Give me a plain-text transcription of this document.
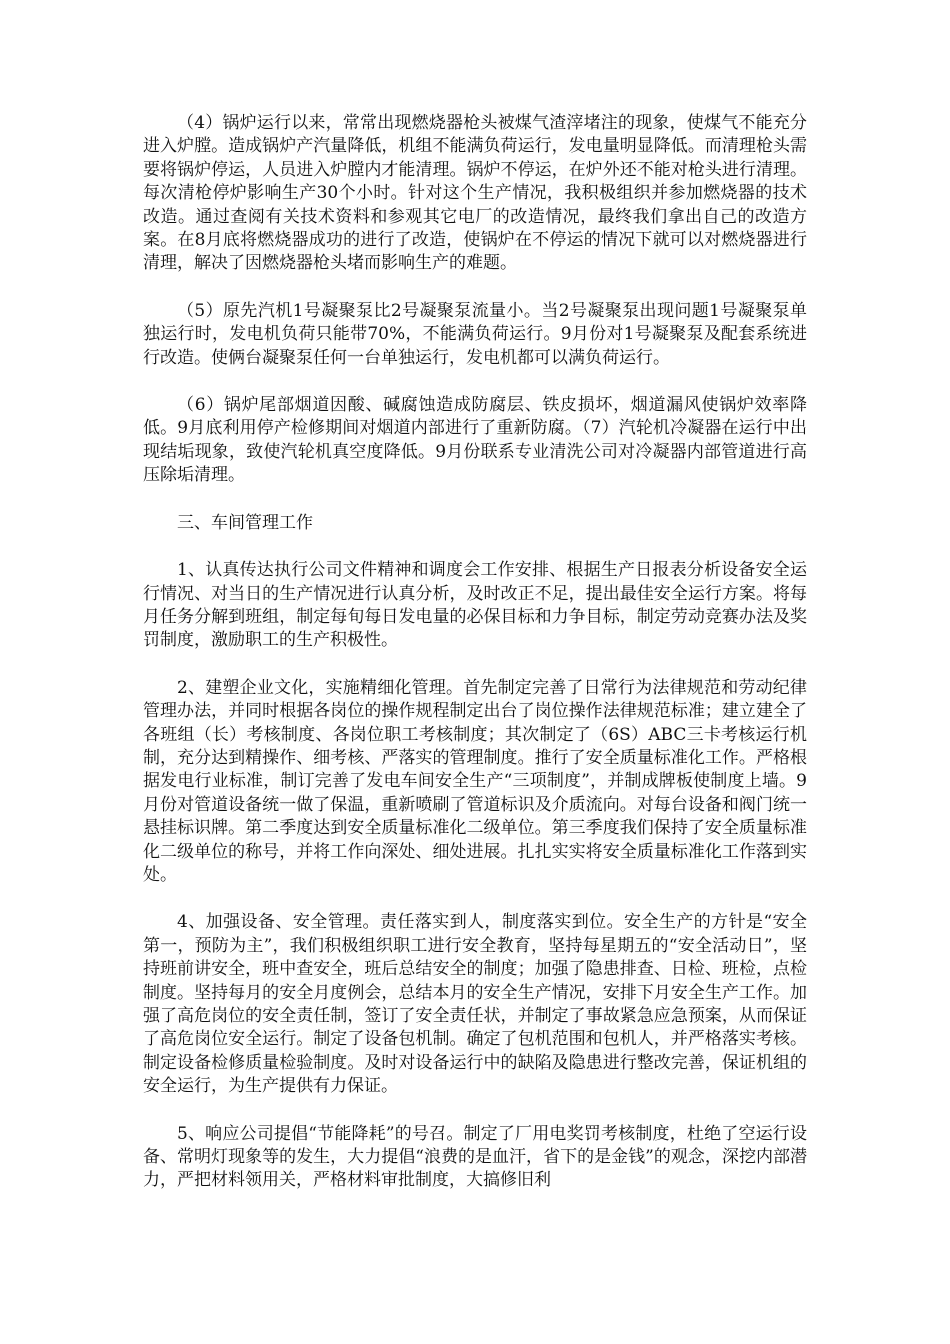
（4）锅炉运行以来，常常出现燃烧器枪头被煤气渣滓堵注的现象，使煤气不能充分进入炉膛。造成锅炉产汽量降低，机组不能满负荷运行，发电量明显降低。而清理枪头需要将锅炉停运，人员进入炉膛内才能清理。锅炉不停运，在炉外还不能对枪头进行清理。每次清枪停炉影响生产30个小时。针对这个生产情况，我积极组织并参加燃烧器的技术改造。通过查阅有关技术资料和参观其它电厂的改造情况，最终我们拿出自己的改造方案。在8月底将燃烧器成功的进行了改造，使锅炉在不停运的情况下就可以对燃烧器进行清理，解决了因燃烧器枪头堵而影响生产的难题。

（5）原先汽机1号凝聚泵比2号凝聚泵流量小。当2号凝聚泵出现问题1号凝聚泵单独运行时，发电机负荷只能带70%，不能满负荷运行。9月份对1号凝聚泵及配套系统进行改造。使俩台凝聚泵任何一台单独运行，发电机都可以满负荷运行。

（6）锅炉尾部烟道因酸、碱腐蚀造成防腐层、铁皮损坏，烟道漏风使锅炉效率降低。9月底利用停产检修期间对烟道内部进行了重新防腐。（7）汽轮机冷凝器在运行中出现结垢现象，致使汽轮机真空度降低。9月份联系专业清洗公司对冷凝器内部管道进行高压除垢清理。

三、车间管理工作

1、认真传达执行公司文件精神和调度会工作安排、根据生产日报表分析设备安全运行情况、对当日的生产情况进行认真分析，及时改正不足，提出最佳安全运行方案。将每月任务分解到班组，制定每旬每日发电量的必保目标和力争目标，制定劳动竞赛办法及奖罚制度，激励职工的生产积极性。

2、建塑企业文化，实施精细化管理。首先制定完善了日常行为法律规范和劳动纪律管理办法，并同时根据各岗位的操作规程制定出台了岗位操作法律规范标准；建立建全了各班组（长）考核制度、各岗位职工考核制度；其次制定了（6S）ABC三卡考核运行机制，充分达到精操作、细考核、严落实的管理制度。推行了安全质量标准化工作。严格根据发电行业标准，制订完善了发电车间安全生产“三项制度”，并制成牌板使制度上墙。9月份对管道设备统一做了保温，重新喷刷了管道标识及介质流向。对每台设备和阀门统一悬挂标识牌。第二季度达到安全质量标准化二级单位。第三季度我们保持了安全质量标准化二级单位的称号，并将工作向深处、细处进展。扎扎实实将安全质量标准化工作落到实处。

4、加强设备、安全管理。责任落实到人，制度落实到位。安全生产的方针是“安全第一，预防为主”，我们积极组织职工进行安全教育，坚持每星期五的“安全活动日”，坚持班前讲安全，班中查安全，班后总结安全的制度；加强了隐患排查、日检、班检，点检制度。坚持每月的安全月度例会，总结本月的安全生产情况，安排下月安全生产工作。加强了高危岗位的安全责任制，签订了安全责任状，并制定了事故紧急应急预案，从而保证了高危岗位安全运行。制定了设备包机制。确定了包机范围和包机人，并严格落实考核。制定设备检修质量检验制度。及时对设备运行中的缺陷及隐患进行整改完善，保证机组的安全运行，为生产提供有力保证。

5、响应公司提倡“节能降耗”的号召。制定了厂用电奖罚考核制度，杜绝了空运行设备、常明灯现象等的发生，大力提倡“浪费的是血汗，省下的是金钱”的观念，深挖内部潜力，严把材料领用关，严格材料审批制度，大搞修旧利
